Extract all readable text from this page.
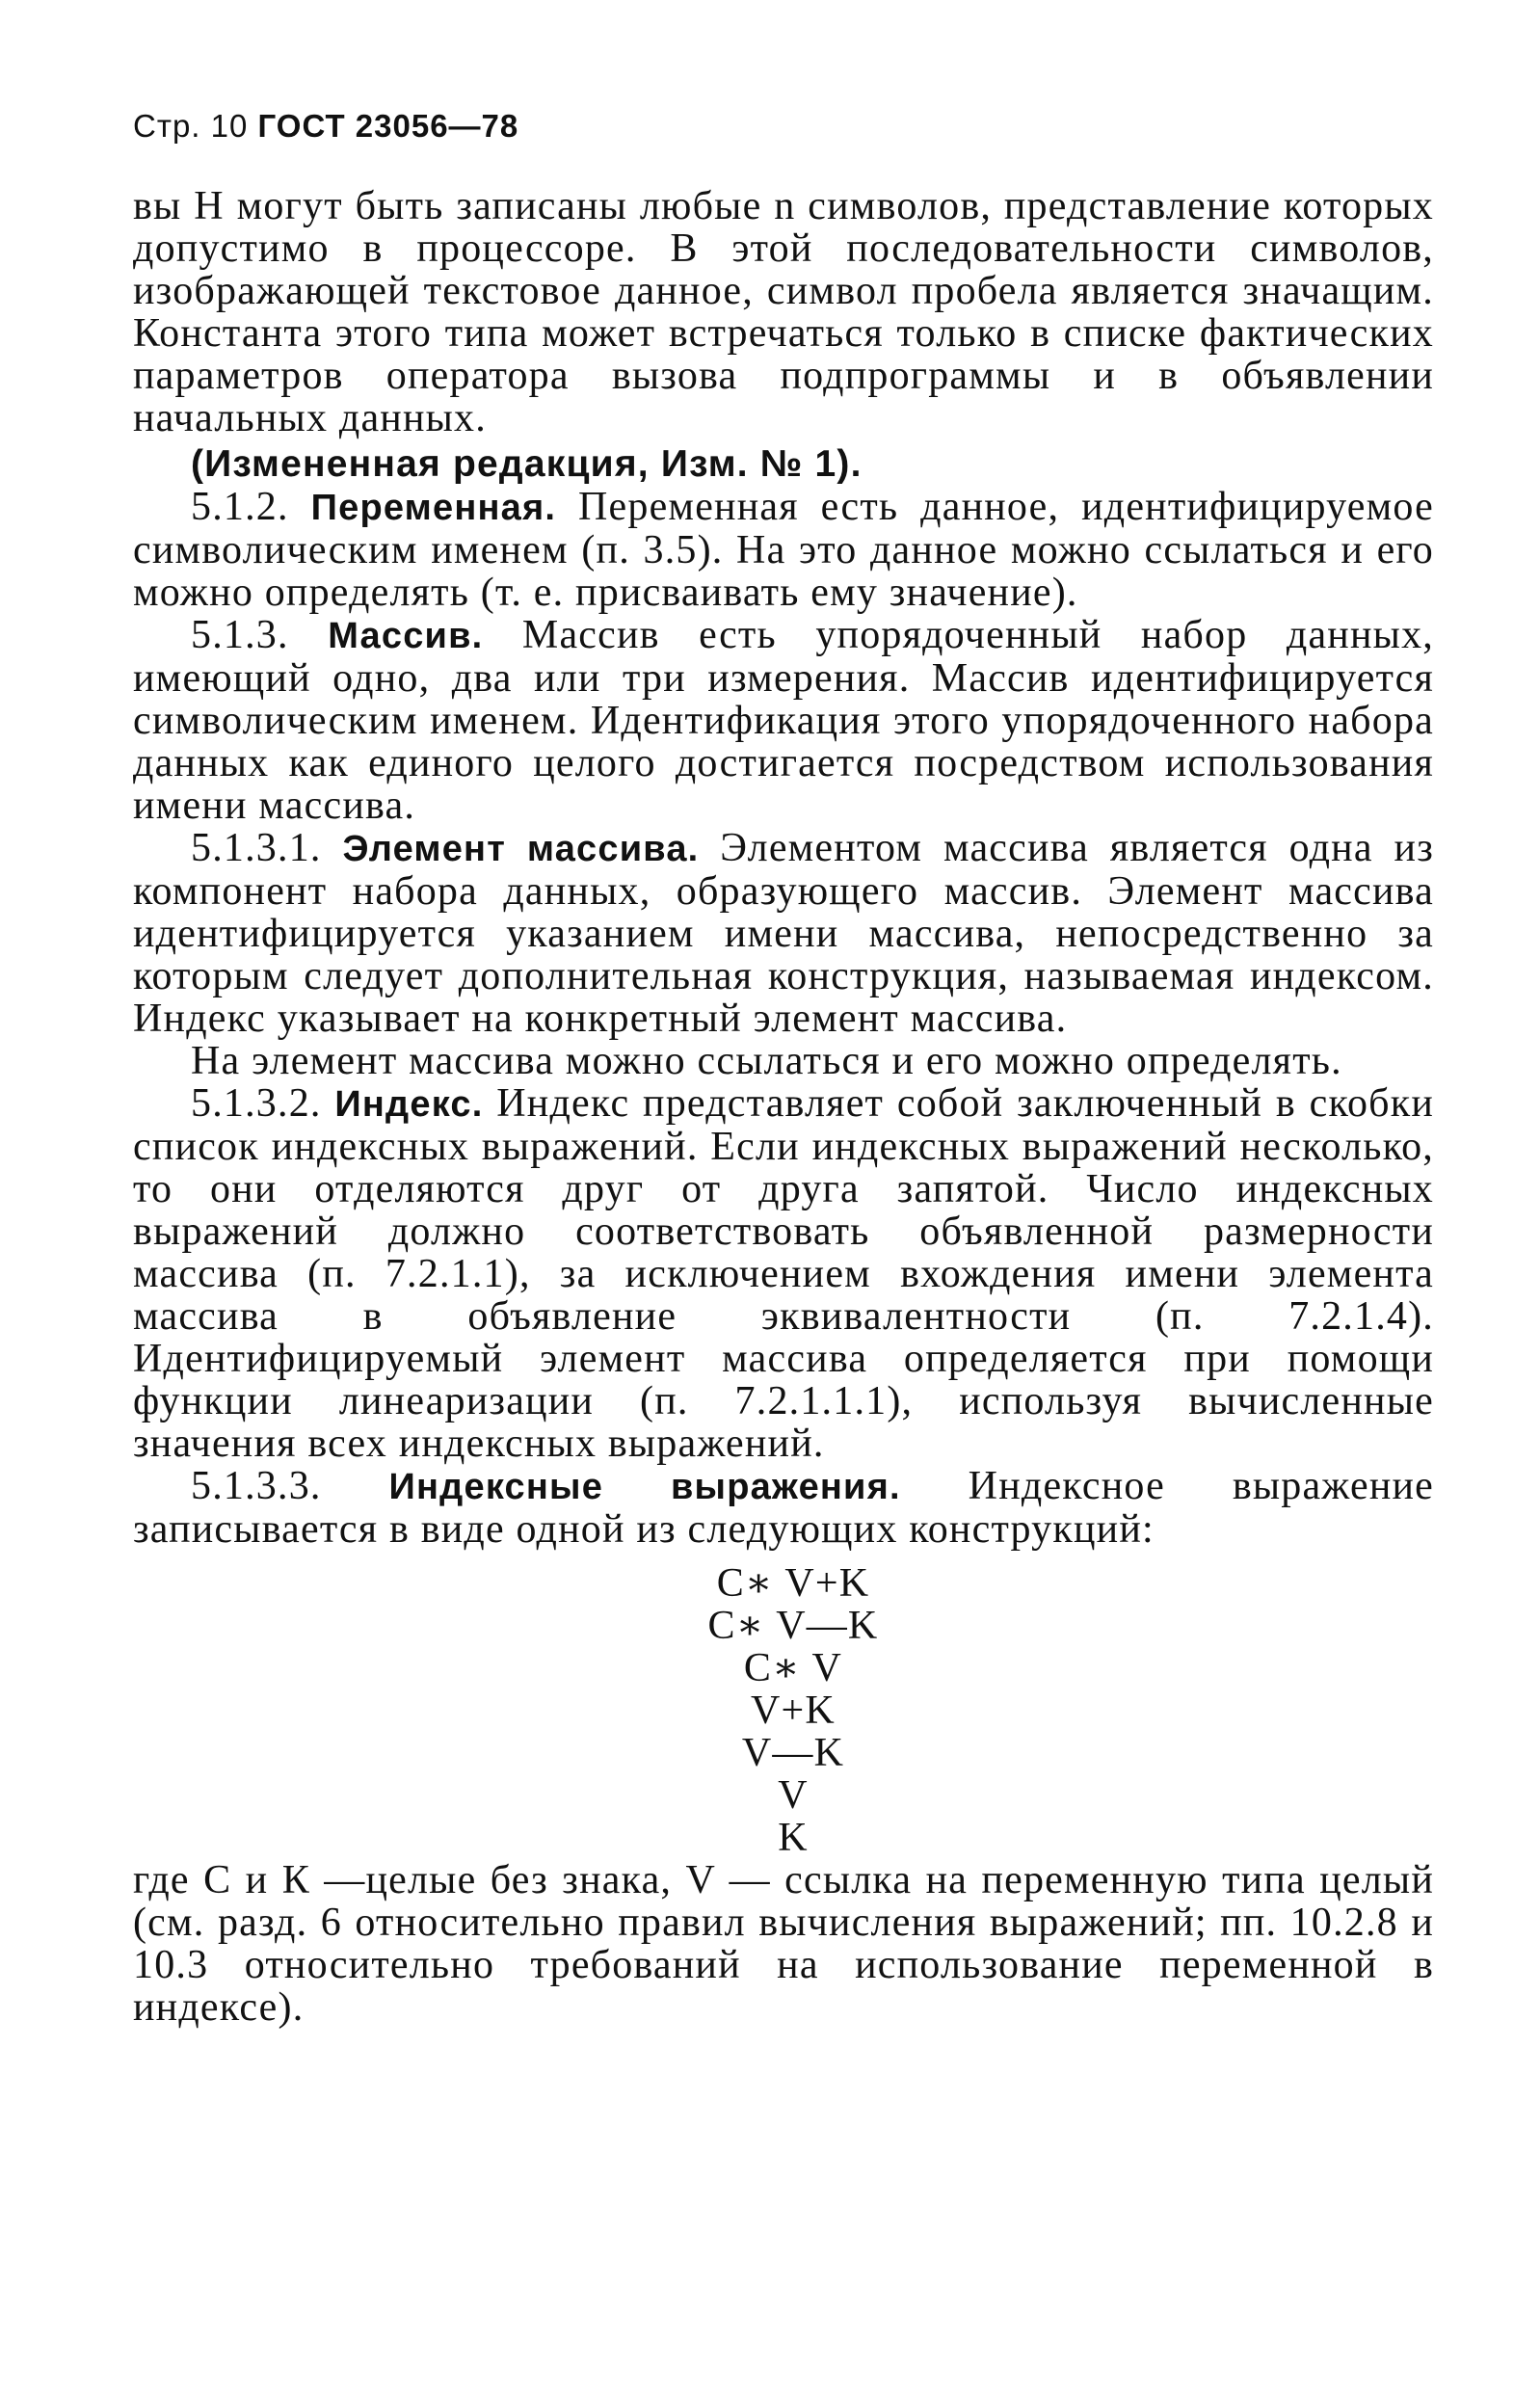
Стр. 10 ГОСТ 23056—78

вы Н могут быть записаны любые n символов, представление которых допустимо в процессоре. В этой последовательности символов, изображающей текстовое данное, символ пробела является значащим. Константа этого типа может встречаться только в списке фактических параметров оператора вызова подпрограммы и в объявлении начальных данных.

(Измененная редакция, Изм. № 1).

5.1.2. Переменная. Переменная есть данное, идентифицируемое символическим именем (п. 3.5). На это данное можно ссылаться и его можно определять (т. е. присваивать ему значение).

5.1.3. Массив. Массив есть упорядоченный набор данных, имеющий одно, два или три измерения. Массив идентифицируется символическим именем. Идентификация этого упорядоченного набора данных как единого целого достигается посредством использования имени массива.

5.1.3.1. Элемент массива. Элементом массива является одна из компонент набора данных, образующего массив. Элемент массива идентифицируется указанием имени массива, непосредственно за которым следует дополнительная конструкция, называемая индексом. Индекс указывает на конкретный элемент массива.

На элемент массива можно ссылаться и его можно определять.

5.1.3.2. Индекс. Индекс представляет собой заключенный в скобки список индексных выражений. Если индексных выражений несколько, то они отделяются друг от друга запятой. Число индексных выражений должно соответствовать объявленной размерности массива (п. 7.2.1.1), за исключением вхождения имени элемента массива в объявление эквивалентности (п. 7.2.1.4). Идентифицируемый элемент массива определяется при помощи функции линеаризации (п. 7.2.1.1.1), используя вычисленные значения всех индексных выражений.

5.1.3.3. Индексные выражения. Индексное выражение записывается в виде одной из следующих конструкций:

С∗ V+K
С∗ V—K
С∗ V
V+K
V—K
V
K

где С и К —целые без знака, V — ссылка на переменную типа целый (см. разд. 6 относительно правил вычисления выражений; пп. 10.2.8 и 10.3 относительно требований на использование переменной в индексе).
